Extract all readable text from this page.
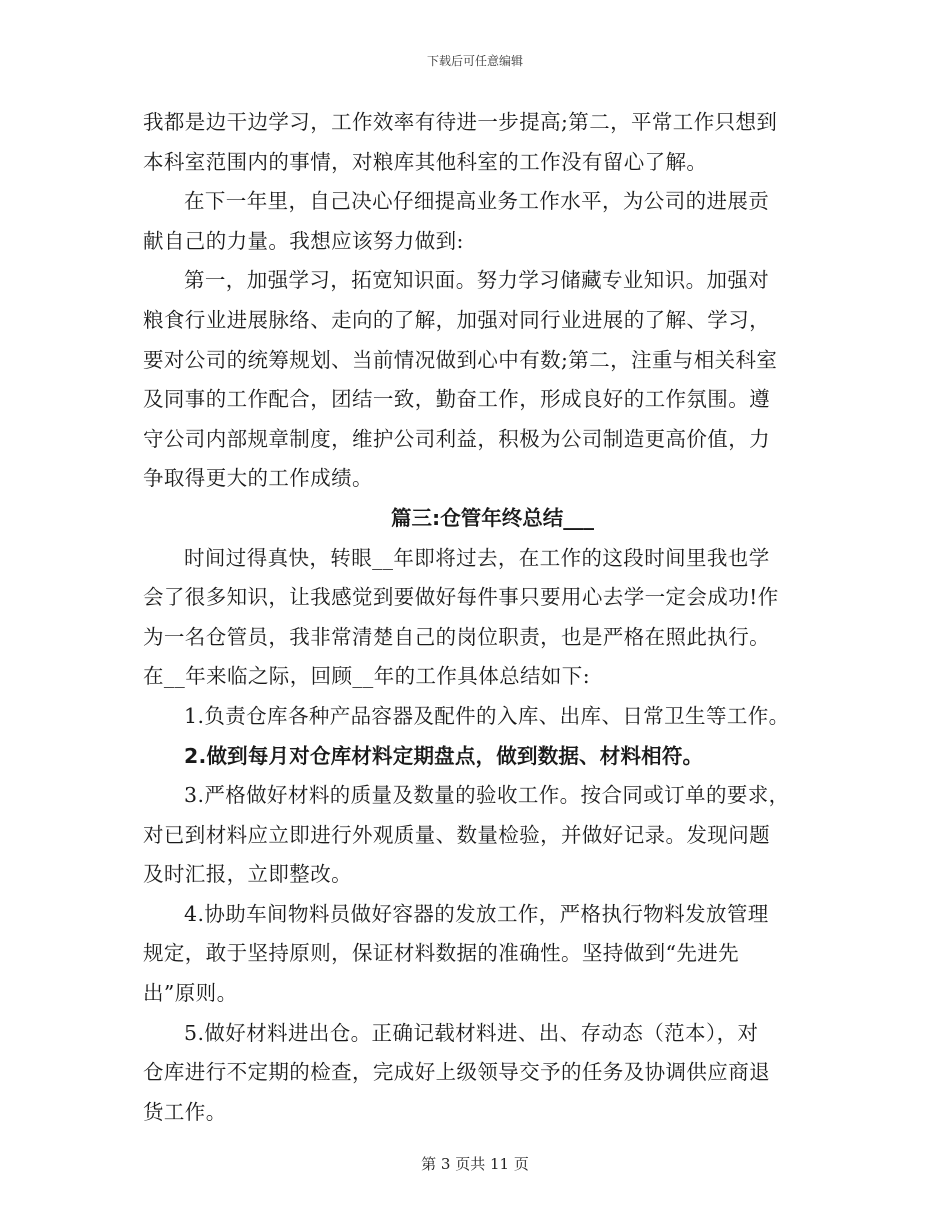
下载后可任意编辑

我都是边干边学习，工作效率有待进一步提高;第二，平常工作只想到

本科室范围内的事情，对粮库其他科室的工作没有留心了解。

在下一年里，自己决心仔细提高业务工作水平，为公司的进展贡

献自己的力量。我想应该努力做到:

第一，加强学习，拓宽知识面。努力学习储藏专业知识。加强对

粮食行业进展脉络、走向的了解，加强对同行业进展的了解、学习，

要对公司的统筹规划、当前情况做到心中有数;第二，注重与相关科室

及同事的工作配合，团结一致，勤奋工作，形成良好的工作氛围。遵

守公司内部规章制度，维护公司利益，积极为公司制造更高价值，力

争取得更大的工作成绩。

篇三:仓管年终总结___

时间过得真快，转眼__年即将过去，在工作的这段时间里我也学

会了很多知识，让我感觉到要做好每件事只要用心去学一定会成功!作

为一名仓管员，我非常清楚自己的岗位职责，也是严格在照此执行。

在__年来临之际，回顾__年的工作具体总结如下:

1.负责仓库各种产品容器及配件的入库、出库、日常卫生等工作。

2.做到每月对仓库材料定期盘点，做到数据、材料相符。

3.严格做好材料的质量及数量的验收工作。按合同或订单的要求，

对已到材料应立即进行外观质量、数量检验，并做好记录。发现问题

及时汇报，立即整改。

4.协助车间物料员做好容器的发放工作，严格执行物料发放管理

规定，敢于坚持原则，保证材料数据的准确性。坚持做到“先进先

出”原则。

5.做好材料进出仓。正确记载材料进、出、存动态（范本），对

仓库进行不定期的检查，完成好上级领导交予的任务及协调供应商退

货工作。

第 3 页共 11 页
